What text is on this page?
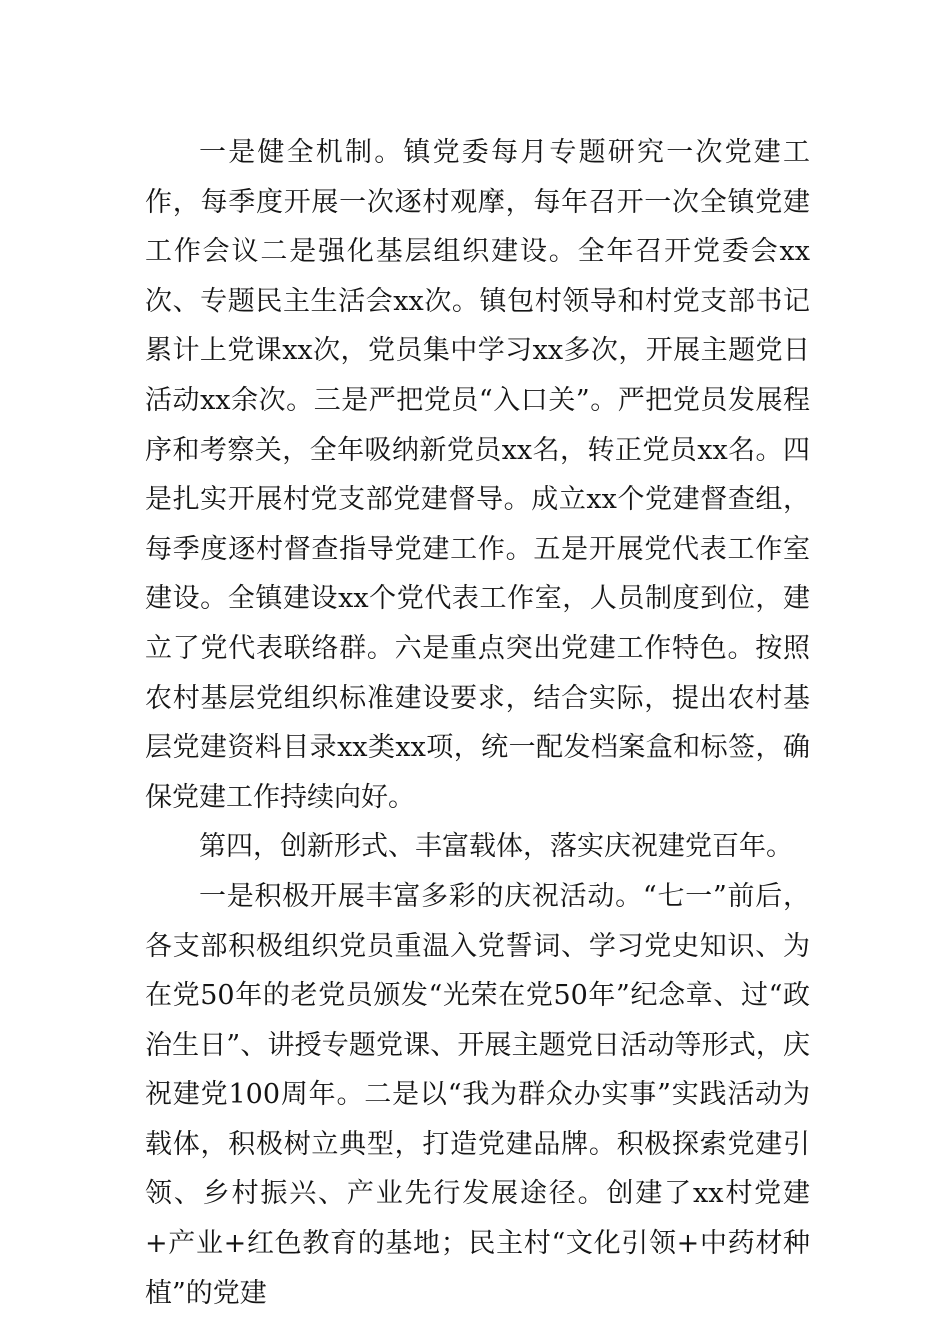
一是健全机制。镇党委每月专题研究一次党建工作，每季度开展一次逐村观摩，每年召开一次全镇党建工作会议二是强化基层组织建设。全年召开党委会xx次、专题民主生活会xx次。镇包村领导和村党支部书记累计上党课xx次，党员集中学习xx多次，开展主题党日活动xx余次。三是严把党员“入口关”。严把党员发展程序和考察关，全年吸纳新党员xx名，转正党员xx名。四是扎实开展村党支部党建督导。成立xx个党建督查组，每季度逐村督查指导党建工作。五是开展党代表工作室建设。全镇建设xx个党代表工作室，人员制度到位，建立了党代表联络群。六是重点突出党建工作特色。按照农村基层党组织标准建设要求，结合实际，提出农村基层党建资料目录xx类xx项，统一配发档案盒和标签，确保党建工作持续向好。

第四，创新形式、丰富载体，落实庆祝建党百年。

一是积极开展丰富多彩的庆祝活动。“七一”前后，各支部积极组织党员重温入党誓词、学习党史知识、为在党50年的老党员颁发“光荣在党50年”纪念章、过“政治生日”、讲授专题党课、开展主题党日活动等形式，庆祝建党100周年。二是以“我为群众办实事”实践活动为载体，积极树立典型，打造党建品牌。积极探索党建引领、乡村振兴、产业先行发展途径。创建了xx村党建+产业+红色教育的基地；民主村“文化引领+中药材种植”的党建
